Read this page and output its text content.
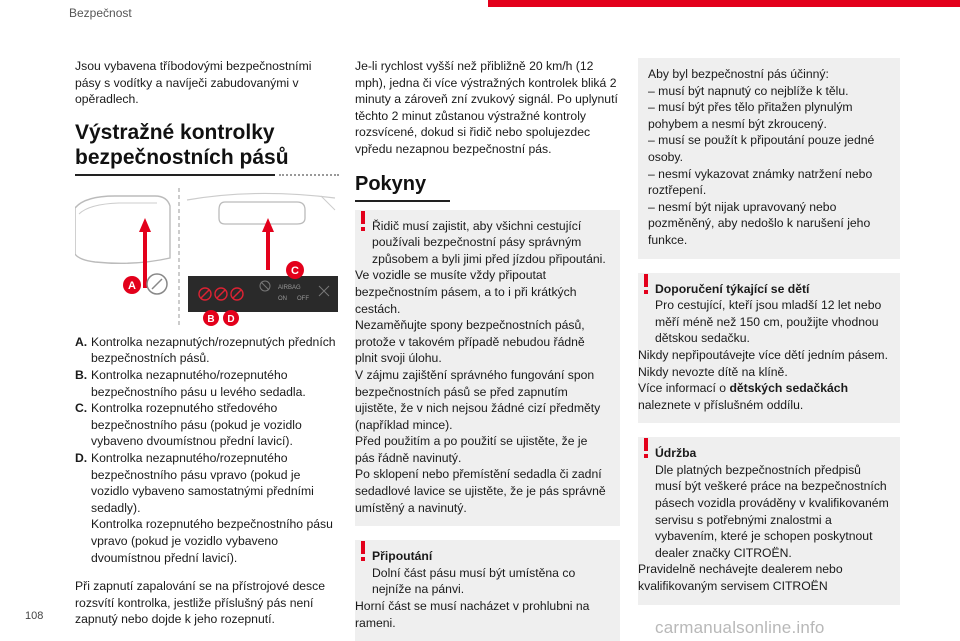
Bezpečnost

Jsou vybavena tříbodovými bezpečnostními pásy s vodítky a navíječi zabudovanými v opěradlech.

Výstražné kontrolky bezpečnostních pásů
AIRBAG
ON OFF
A
C
B D
A. Kontrolka nezapnutých/rozepnutých předních bezpečnostních pásů.
B. Kontrolka nezapnutého/rozepnutého bezpečnostního pásu u levého sedadla.
C. Kontrolka rozepnutého středového bezpečnostního pásu (pokud je vozidlo vybaveno dvoumístnou přední lavicí).
D. Kontrolka nezapnutého/rozepnutého bezpečnostního pásu vpravo (pokud je vozidlo vybaveno samostatnými předními sedadly).
Kontrolka rozepnutého bezpečnostního pásu vpravo (pokud je vozidlo vybaveno dvoumístnou přední lavicí).

Při zapnutí zapalování se na přístrojové desce rozsvítí kontrolka, jestliže příslušný pás není zapnutý nebo dojde k jeho rozepnutí.

Je-li rychlost vyšší než přibližně 20 km/h (12 mph), jedna či více výstražných kontrolek bliká 2 minuty a zároveň zní zvukový signál. Po uplynutí těchto 2 minut zůstanou výstražné kontroly rozsvícené, dokud si řidič nebo spolujezdec vpředu nezapnou bezpečnostní pás.

Pokyny

Řidič musí zajistit, aby všichni cestující používali bezpečnostní pásy správným způsobem a byli jimi před jízdou připoutáni.

Ve vozidle se musíte vždy připoutat bezpečnostním pásem, a to i při krátkých cestách.

Nezaměňujte spony bezpečnostních pásů, protože v takovém případě nebudou řádně plnit svoji úlohu.

V zájmu zajištění správného fungování spon bezpečnostních pásů se před zapnutím ujistěte, že v nich nejsou žádné cizí předměty (například mince).

Před použitím a po použití se ujistěte, že je pás řádně navinutý.

Po sklopení nebo přemístění sedadla či zadní sedadlové lavice se ujistěte, že je pás správně umístěný a navinutý.

Připoutání

Dolní část pásu musí být umístěna co nejníže na pánvi.

Horní část se musí nacházet v prohlubni na rameni.

Aby byl bezpečnostní pás účinný:

– musí být napnutý co nejblíže k tělu.

– musí být přes tělo přitažen plynulým pohybem a nesmí být zkroucený.

– musí se použít k připoutání pouze jedné osoby.

– nesmí vykazovat známky natržení nebo roztřepení.

– nesmí být nijak upravovaný nebo pozměněný, aby nedošlo k narušení jeho funkce.

Doporučení týkající se dětí

Pro cestující, kteří jsou mladší 12 let nebo měří méně než 150 cm, použijte vhodnou dětskou sedačku.

Nikdy nepřipoutávejte více dětí jedním pásem.

Nikdy nevozte dítě na klíně.

Více informací o dětských sedačkách naleznete v příslušném oddílu.

Údržba

Dle platných bezpečnostních předpisů musí být veškeré práce na bezpečnostních pásech vozidla prováděny v kvalifikovaném servisu s potřebnými znalostmi a vybavením, které je schopen poskytnout dealer značky CITROËN.

Pravidelně nechávejte dealerem nebo kvalifikovaným servisem CITROËN

108
carmanualsonline.info
